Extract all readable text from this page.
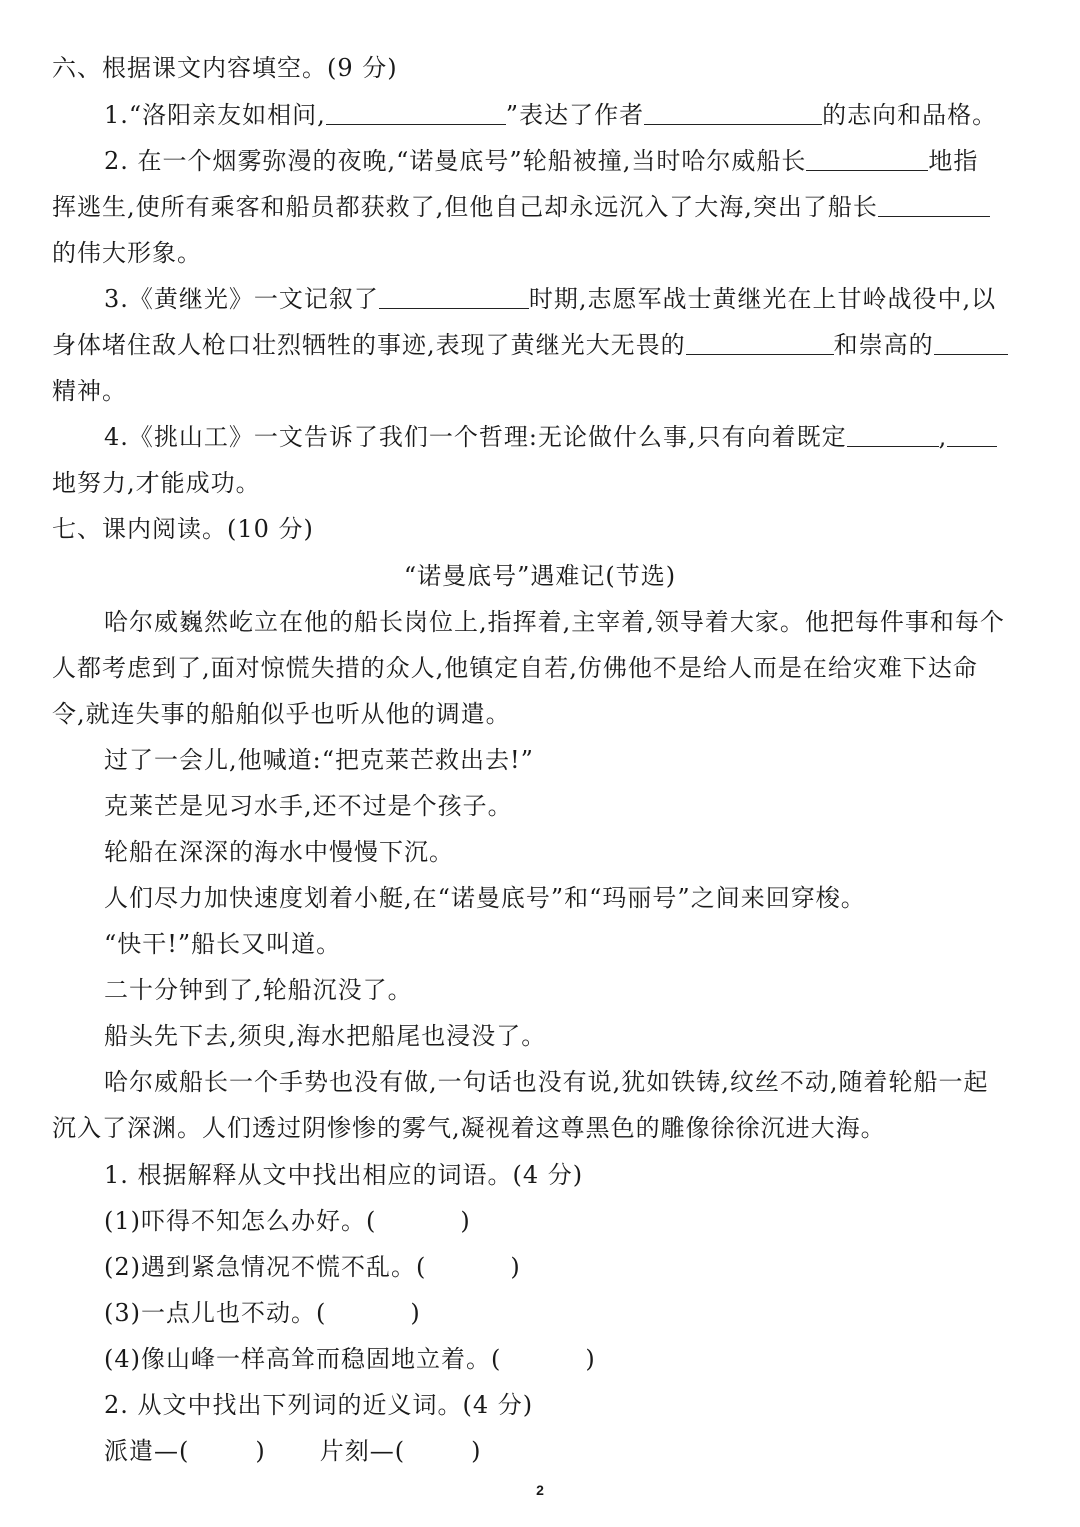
六、根据课文内容填空。(9 分)
1.“洛阳亲友如相问,	”表达了作者	的志向和品格。
2. 在一个烟雾弥漫的夜晚,“诺曼底号”轮船被撞,当时哈尔威船长	地指
挥逃生,使所有乘客和船员都获救了,但他自己却永远沉入了大海,突出了船长
的伟大形象。
3.《黄继光》一文记叙了	时期,志愿军战士黄继光在上甘岭战役中,以
身体堵住敌人枪口壮烈牺牲的事迹,表现了黄继光大无畏的	和崇高的
精神。
4.《挑山工》一文告诉了我们一个哲理:无论做什么事,只有向着既定	,
地努力,才能成功。
七、课内阅读。(10 分)
“诺曼底号”遇难记(节选)
哈尔威巍然屹立在他的船长岗位上,指挥着,主宰着,领导着大家。他把每件事和每个
人都考虑到了,面对惊慌失措的众人,他镇定自若,仿佛他不是给人而是在给灾难下达命
令,就连失事的船舶似乎也听从他的调遣。
过了一会儿,他喊道:“把克莱芒救出去!”
克莱芒是见习水手,还不过是个孩子。
轮船在深深的海水中慢慢下沉。
人们尽力加快速度划着小艇,在“诺曼底号”和“玛丽号”之间来回穿梭。
“快干!”船长又叫道。
二十分钟到了,轮船沉没了。
船头先下去,须臾,海水把船尾也浸没了。
哈尔威船长一个手势也没有做,一句话也没有说,犹如铁铸,纹丝不动,随着轮船一起
沉入了深渊。人们透过阴惨惨的雾气,凝视着这尊黑色的雕像徐徐沉进大海。
1. 根据解释从文中找出相应的词语。(4 分)
(1)吓得不知怎么办好。(	)
(2)遇到紧急情况不慌不乱。(	)
(3)一点儿也不动。(	)
(4)像山峰一样高耸而稳固地立着。(	)
2. 从文中找出下列词的近义词。(4 分)
派遣—(	) 片刻—(	)
2
